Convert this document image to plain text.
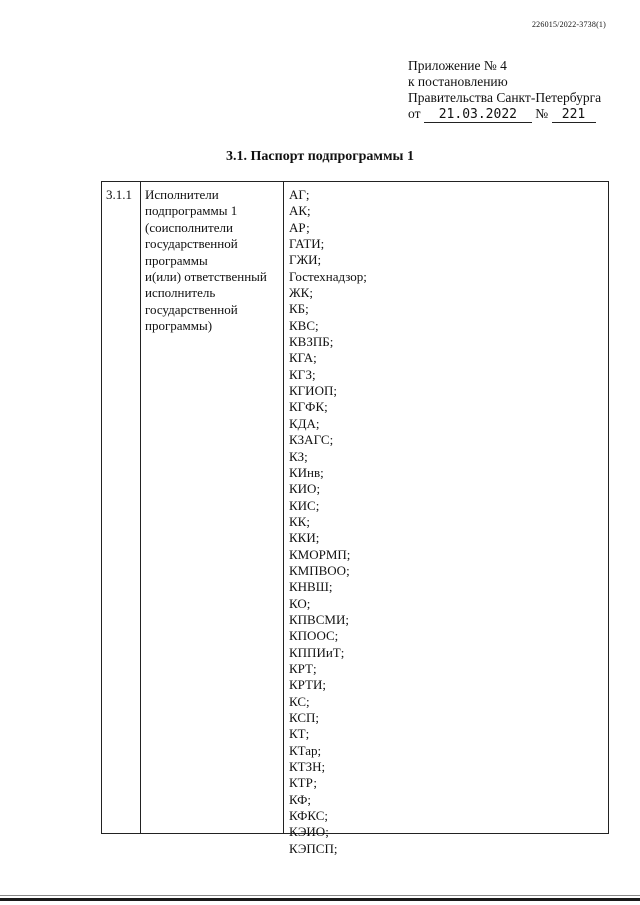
226015/2022-3738(1)
Приложение № 4
к постановлению
Правительства Санкт-Петербурга
от 21.03.2022 № 221
3.1. Паспорт подпрограммы 1
3.1.1	Исполнители
подпрограммы 1
(соисполнители
государственной
программы
и(или) ответственный
исполнитель
государственной
программы)
АГ;
АК;
АР;
ГАТИ;
ГЖИ;
Гостехнадзор;
ЖК;
КБ;
КВС;
КВЗПБ;
КГА;
КГЗ;
КГИОП;
КГФК;
КДА;
КЗАГС;
КЗ;
КИнв;
КИО;
КИС;
КК;
ККИ;
КМОРМП;
КМПВОО;
КНВШ;
КО;
КПВСМИ;
КПООС;
КППИиТ;
КРТ;
КРТИ;
КС;
КСП;
КТ;
КТар;
КТЗН;
КТР;
КФ;
КФКС;
КЭИО;
КЭПСП;
